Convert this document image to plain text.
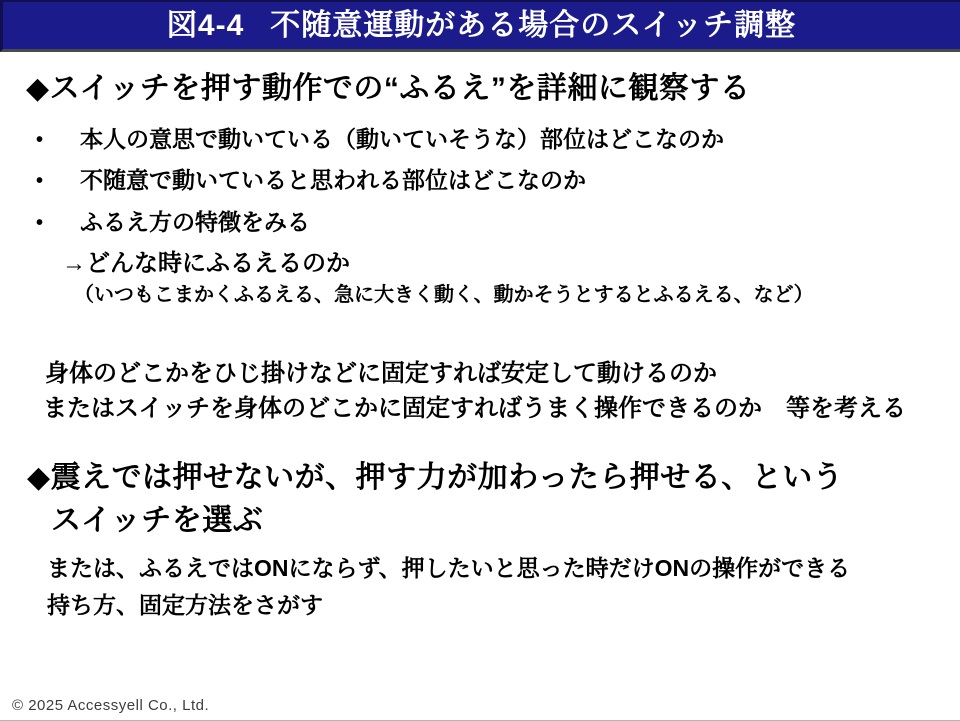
図4-4 不随意運動がある場合のスイッチ調整
◆スイッチを押す動作での“ふるえ”を詳細に観察する
•	本人の意思で動いている（動いていそうな）部位はどこなのか
•	不随意で動いていると思われる部位はどこなのか
•	ふるえ方の特徴をみる
→どんな時にふるえるのか
（いつもこまかくふるえる、急に大きく動く、動かそうとするとふるえる、など）
身体のどこかをひじ掛けなどに固定すれば安定して動けるのか
またはスイッチを身体のどこかに固定すればうまく操作できるのか　等を考える
◆震えでは押せないが、押す力が加わったら押せる、という
スイッチを選ぶ
または、ふるえではONにならず、押したいと思った時だけONの操作ができる
持ち方、固定方法をさがす
© 2025 Accessyell Co., Ltd.
